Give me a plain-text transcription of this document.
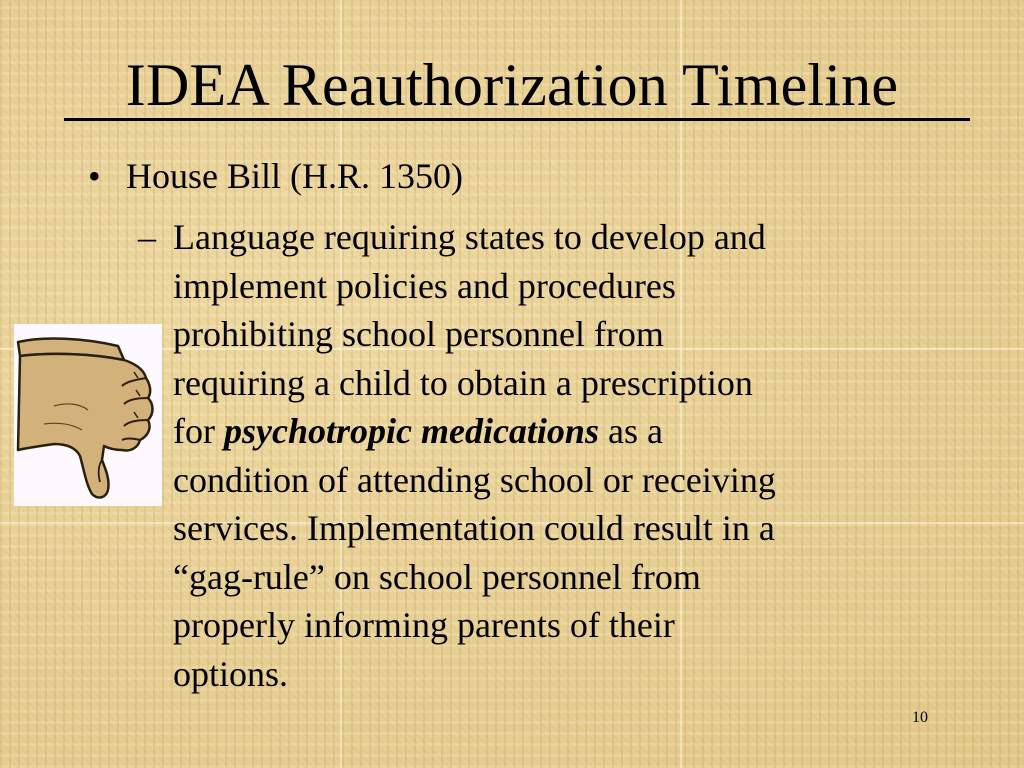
IDEA Reauthorization Timeline
• House Bill (H.R. 1350)
– Language requiring states to develop and
implement policies and procedures
prohibiting school personnel from
requiring a child to obtain a prescription
for psychotropic medications as a
condition of attending school or receiving
services. Implementation could result in a
“gag-rule” on school personnel from
properly informing parents of their
options.
10
